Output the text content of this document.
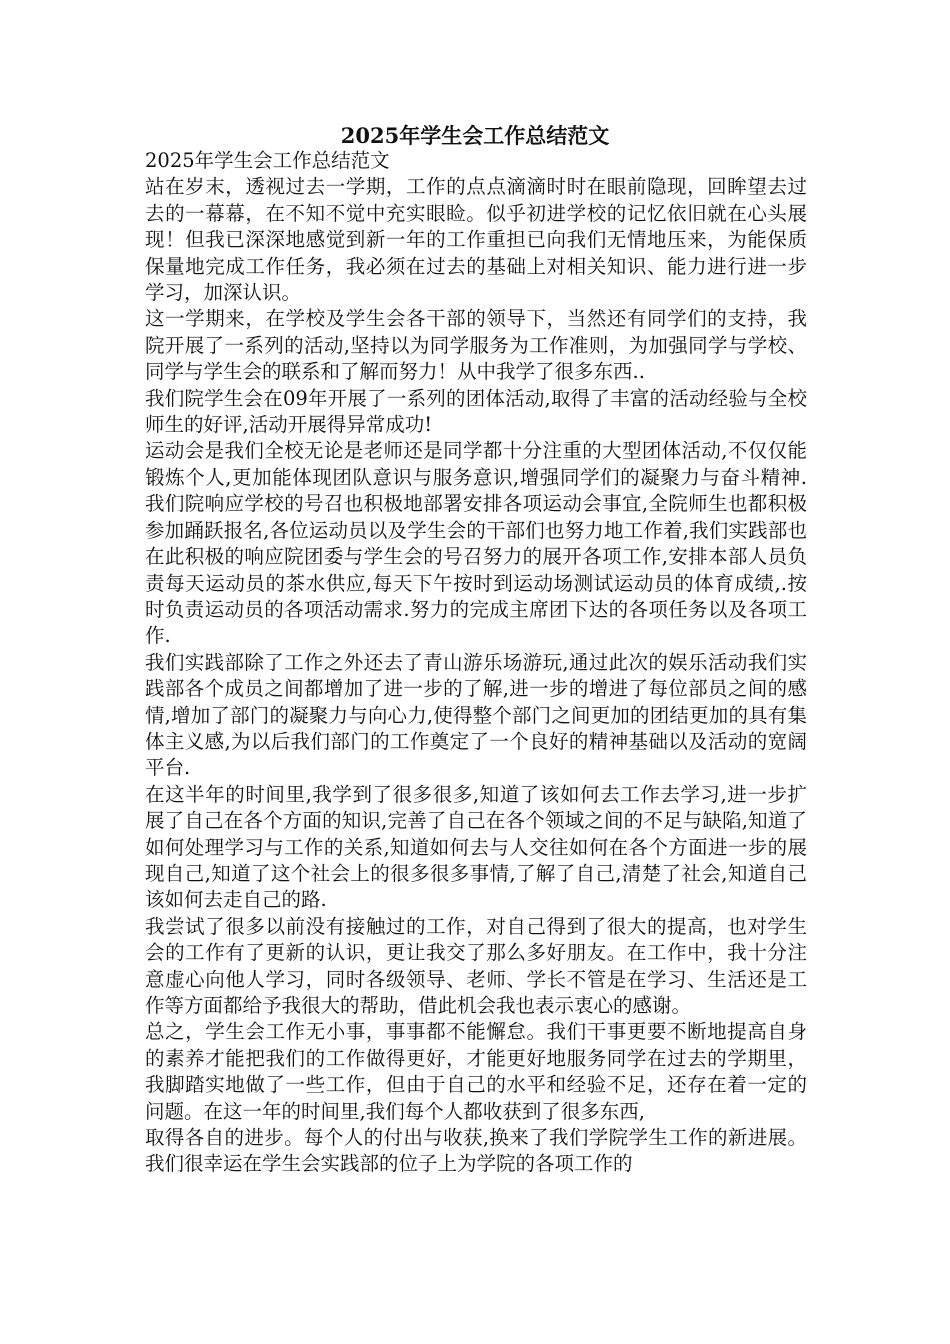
2025年学生会工作总结范文

2025年学生会工作总结范文

站在岁末，透视过去一学期，工作的点点滴滴时时在眼前隐现，回眸望去过去的一幕幕，在不知不觉中充实眼睑。似乎初进学校的记忆依旧就在心头展现！但我已深深地感觉到新一年的工作重担已向我们无情地压来，为能保质保量地完成工作任务，我必须在过去的基础上对相关知识、能力进行进一步学习，加深认识。

这一学期来，在学校及学生会各干部的领导下，当然还有同学们的支持，我院开展了一系列的活动,坚持以为同学服务为工作准则，为加强同学与学校、同学与学生会的联系和了解而努力！从中我学了很多东西..

我们院学生会在09年开展了一系列的团体活动,取得了丰富的活动经验与全校师生的好评,活动开展得异常成功!

运动会是我们全校无论是老师还是同学都十分注重的大型团体活动,不仅仅能锻炼个人,更加能体现团队意识与服务意识,增强同学们的凝聚力与奋斗精神.我们院响应学校的号召也积极地部署安排各项运动会事宜,全院师生也都积极参加踊跃报名,各位运动员以及学生会的干部们也努力地工作着,我们实践部也在此积极的响应院团委与学生会的号召努力的展开各项工作,安排本部人员负责每天运动员的茶水供应,每天下午按时到运动场测试运动员的体育成绩,.按时负责运动员的各项活动需求.努力的完成主席团下达的各项任务以及各项工作.

我们实践部除了工作之外还去了青山游乐场游玩,通过此次的娱乐活动我们实践部各个成员之间都增加了进一步的了解,进一步的增进了每位部员之间的感情,增加了部门的凝聚力与向心力,使得整个部门之间更加的团结更加的具有集体主义感,为以后我们部门的工作奠定了一个良好的精神基础以及活动的宽阔平台.

在这半年的时间里,我学到了很多很多,知道了该如何去工作去学习,进一步扩展了自己在各个方面的知识,完善了自己在各个领域之间的不足与缺陷,知道了如何处理学习与工作的关系,知道如何去与人交往如何在各个方面进一步的展现自己,知道了这个社会上的很多很多事情,了解了自己,清楚了社会,知道自己该如何去走自己的路.

我尝试了很多以前没有接触过的工作，对自己得到了很大的提高，也对学生会的工作有了更新的认识，更让我交了那么多好朋友。在工作中，我十分注意虚心向他人学习，同时各级领导、老师、学长不管是在学习、生活还是工作等方面都给予我很大的帮助，借此机会我也表示衷心的感谢。

总之，学生会工作无小事，事事都不能懈怠。我们干事更要不断地提高自身的素养才能把我们的工作做得更好，才能更好地服务同学在过去的学期里，我脚踏实地做了一些工作，但由于自己的水平和经验不足，还存在着一定的问题。在这一年的时间里,我们每个人都收获到了很多东西,

取得各自的进步。每个人的付出与收获,换来了我们学院学生工作的新进展。我们很幸运在学生会实践部的位子上为学院的各项工作的
